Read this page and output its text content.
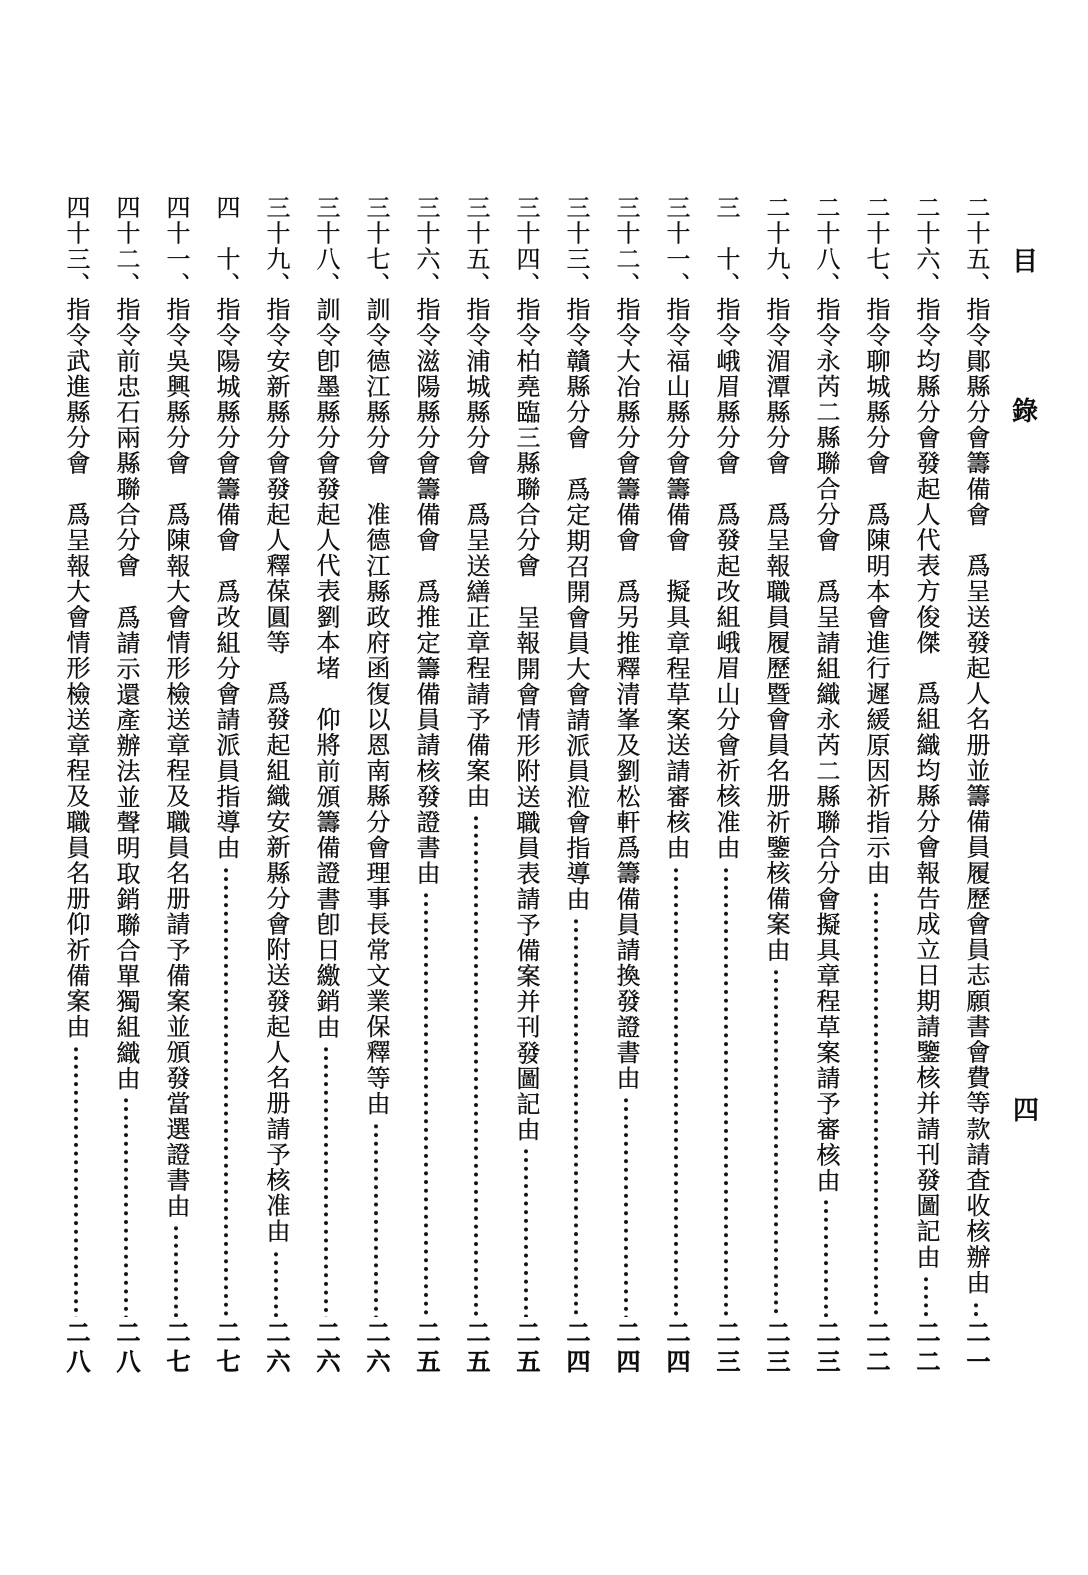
目
錄
四
二十五、
指令鄖縣分會籌備會
爲呈送發起人名册並籌備員履歷會員志願書會費等款請査收核辦由
二一
二十六、
指令均縣分會發起人代表方俊傑
爲組織均縣分會報告成立日期請鑒核并請刊發圖記由
二二
二十七、
指令聊城縣分會
爲陳明本會進行遲緩原因祈指示由
二二
二十八、
指令永芮二縣聯合分會
爲呈請組織永芮二縣聯合分會擬具章程草案請予審核由
二三
二十九、
指令湄潭縣分會
爲呈報職員履歷暨會員名册祈鑒核備案由
二三
三　十、
指令峨眉縣分會
爲發起改組峨眉山分會祈核准由
二三
三十一、
指令福山縣分會籌備會
擬具章程草案送請審核由
二四
三十二、
指令大冶縣分會籌備會
爲另推釋清峯及劉松軒爲籌備員請換發證書由
二四
三十三、
指令贛縣分會
爲定期召開會員大會請派員涖會指導由
二四
三十四、
指令柏堯臨三縣聯合分會
呈報開會情形附送職員表請予備案并刊發圖記由
二五
三十五、
指令浦城縣分會
爲呈送繕正章程請予備案由
二五
三十六、
指令滋陽縣分會籌備會
爲推定籌備員請核發證書由
二五
三十七、
訓令德江縣分會
准德江縣政府函復以恩南縣分會理事長常文業保釋等由
二六
三十八、
訓令卽墨縣分會發起人代表劉本堵
仰將前頒籌備證書卽日繳銷由
二六
三十九、
指令安新縣分會發起人釋葆圓等
爲發起組織安新縣分會附送發起人名册請予核准由
二六
四　十、
指令陽城縣分會籌備會
爲改組分會請派員指導由
二七
四十一、
指令吳興縣分會
爲陳報大會情形檢送章程及職員名册請予備案並頒發當選證書由
二七
四十二、
指令前忠石兩縣聯合分會
爲請示還產辦法並聲明取銷聯合單獨組織由
二八
四十三、
指令武進縣分會
爲呈報大會情形檢送章程及職員名册仰祈備案由
二八
